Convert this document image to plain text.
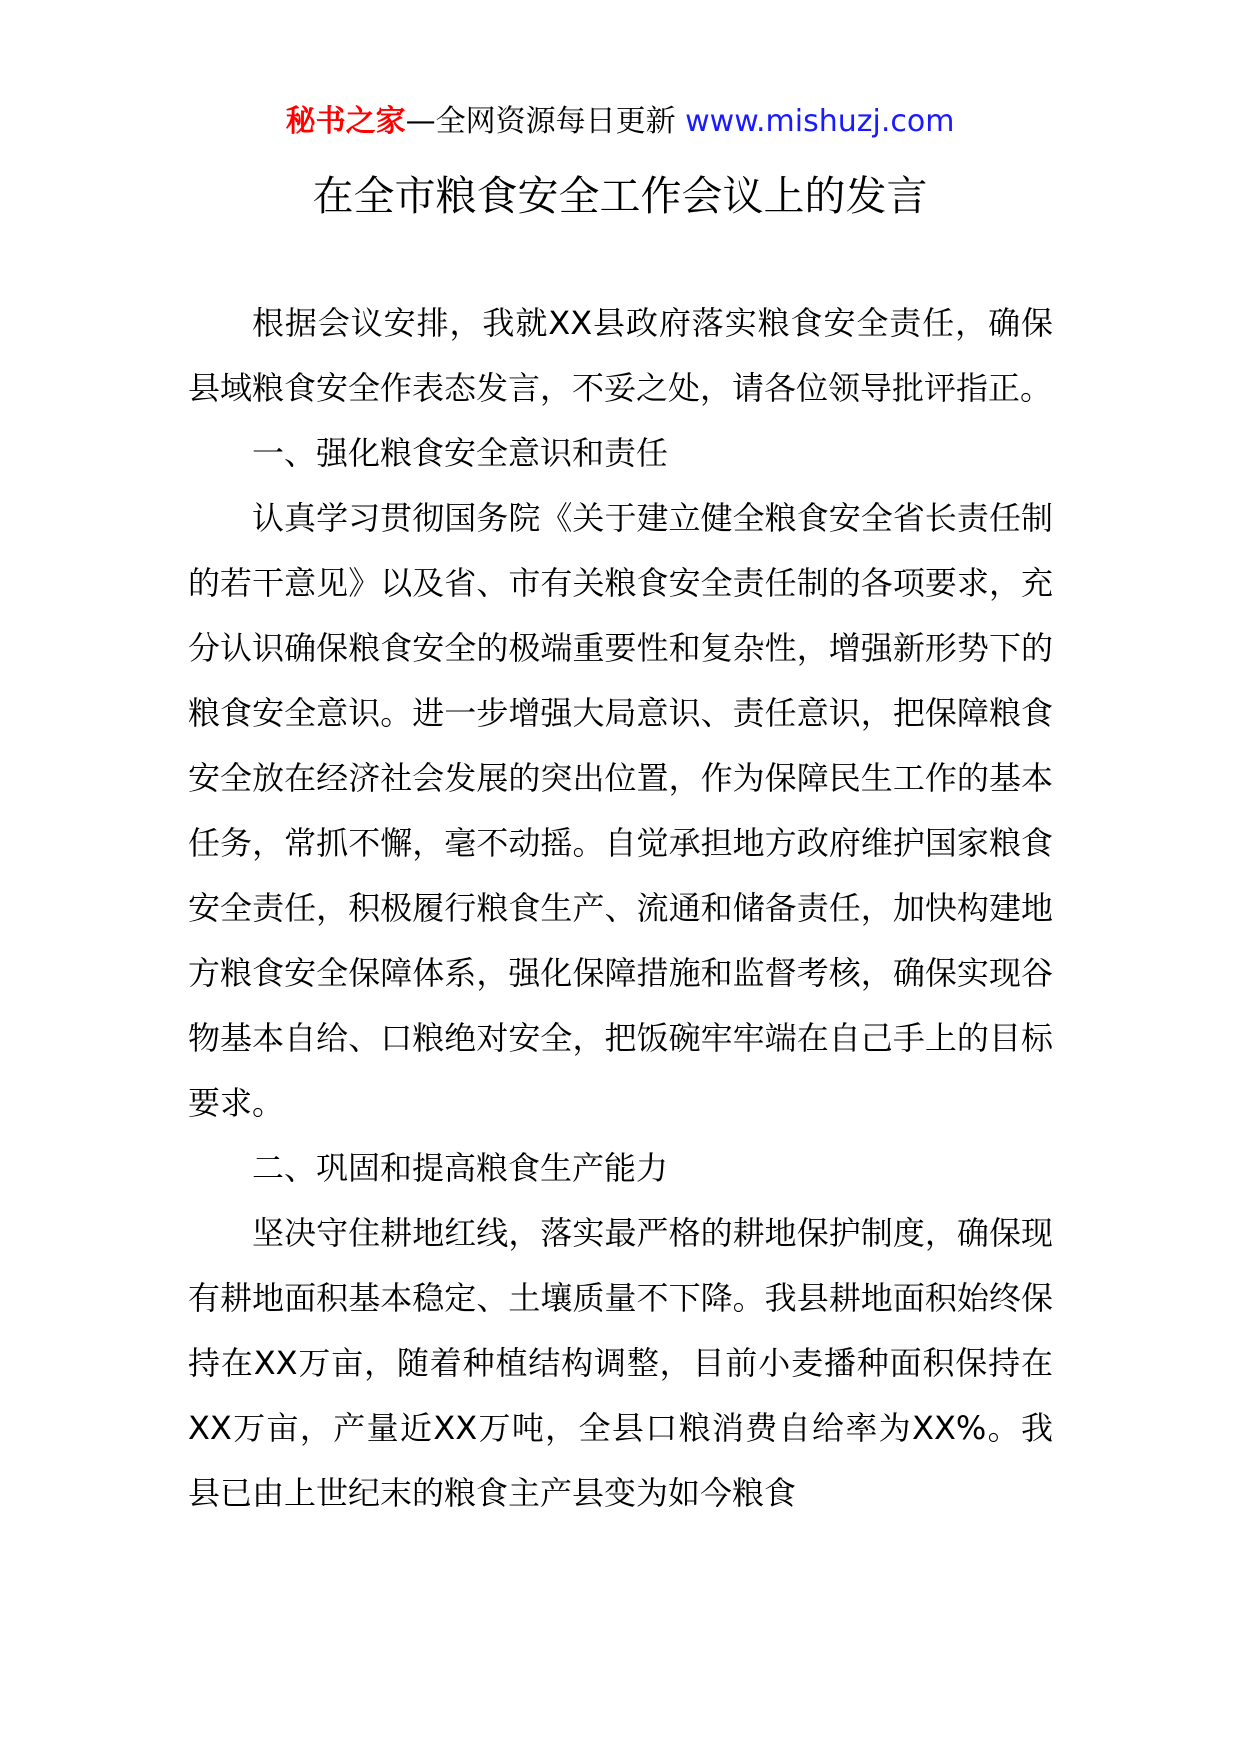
秘书之家—全网资源每日更新 www.mishuzj.com
在全市粮食安全工作会议上的发言

根据会议安排，我就XX县政府落实粮食安全责任，确保县域粮食安全作表态发言，不妥之处，请各位领导批评指正。

一、强化粮食安全意识和责任

认真学习贯彻国务院《关于建立健全粮食安全省长责任制的若干意见》以及省、市有关粮食安全责任制的各项要求，充分认识确保粮食安全的极端重要性和复杂性，增强新形势下的粮食安全意识。进一步增强大局意识、责任意识，把保障粮食安全放在经济社会发展的突出位置，作为保障民生工作的基本任务，常抓不懈，毫不动摇。自觉承担地方政府维护国家粮食安全责任，积极履行粮食生产、流通和储备责任，加快构建地方粮食安全保障体系，强化保障措施和监督考核，确保实现谷物基本自给、口粮绝对安全，把饭碗牢牢端在自己手上的目标要求。

二、巩固和提高粮食生产能力

坚决守住耕地红线，落实最严格的耕地保护制度，确保现有耕地面积基本稳定、土壤质量不下降。我县耕地面积始终保持在XX万亩，随着种植结构调整，目前小麦播种面积保持在XX万亩，产量近XX万吨，全县口粮消费自给率为XX%。我县已由上世纪末的粮食主产县变为如今粮食
